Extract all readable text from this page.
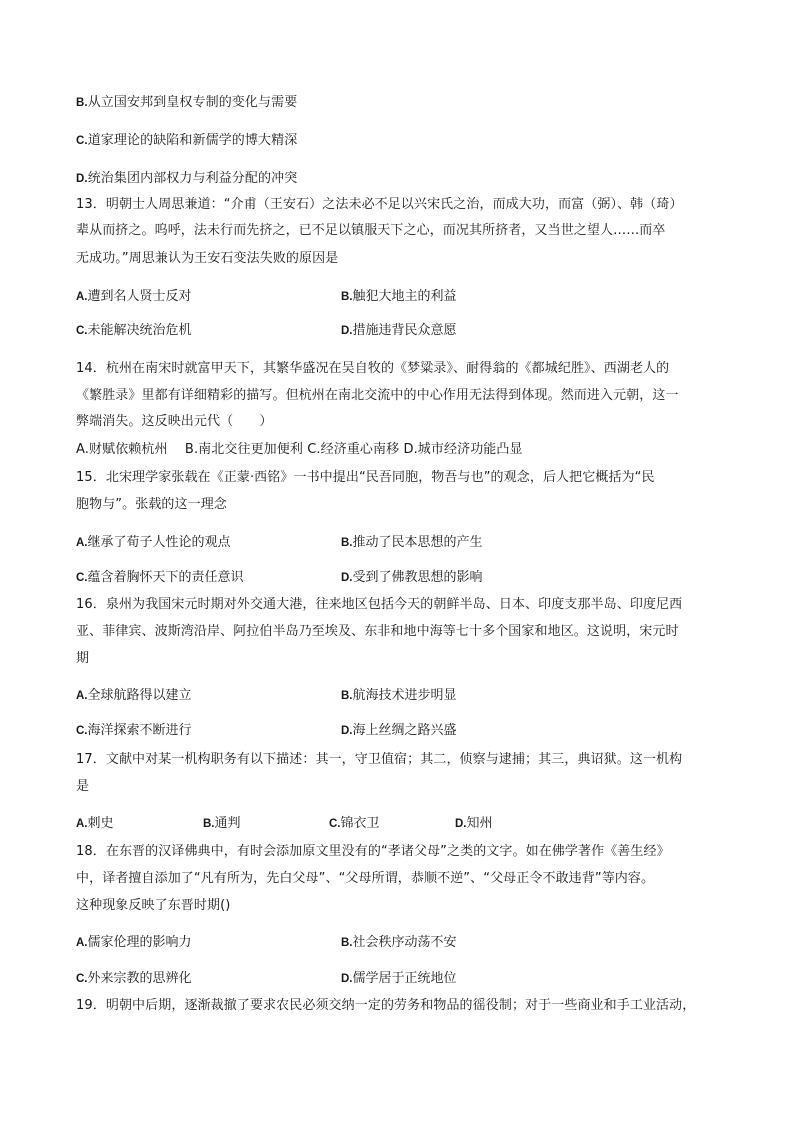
B.从立国安邦到皇权专制的变化与需要
C.道家理论的缺陷和新儒学的博大精深
D.统治集团内部权力与利益分配的冲突
13．明朝士人周思兼道：“介甫（王安石）之法未必不足以兴宋氏之治，而成大功，而富（弼）、韩（琦）
辈从而挤之。呜呼，法未行而先挤之，已不足以镇服天下之心，而况其所挤者，又当世之望人……而卒
无成功。”周思兼认为王安石变法失败的原因是
A.遭到名人贤士反对	B.触犯大地主的利益
C.未能解决统治危机	D.措施违背民众意愿
14．杭州在南宋时就富甲天下，其繁华盛况在吴自牧的《梦粱录》、耐得翁的《都城纪胜》、西湖老人的
《繁胜录》里都有详细精彩的描写。但杭州在南北交流中的中心作用无法得到体现。然而进入元朝，这一
弊端消失。这反映出元代（　　）
A.财赋依赖杭州　 B.南北交往更加便利 C.经济重心南移 D.城市经济功能凸显
15．北宋理学家张载在《正蒙·西铭》一书中提出“民吾同胞，物吾与也”的观念，后人把它概括为“民
胞物与”。张载的这一理念
A.继承了荀子人性论的观点	B.推动了民本思想的产生
C.蕴含着胸怀天下的责任意识	D.受到了佛教思想的影响
16．泉州为我国宋元时期对外交通大港，往来地区包括今天的朝鲜半岛、日本、印度支那半岛、印度尼西
亚、菲律宾、波斯湾沿岸、阿拉伯半岛乃至埃及、东非和地中海等七十多个国家和地区。这说明，宋元时
期
A.全球航路得以建立	B.航海技术进步明显
C.海洋探索不断进行	D.海上丝绸之路兴盛
17．文献中对某一机构职务有以下描述：其一，守卫值宿；其二，侦察与逮捕；其三，典诏狱。这一机构
是
A.刺史	B.通判	C.锦衣卫	D.知州
18．在东晋的汉译佛典中，有时会添加原文里没有的“孝诸父母”之类的文字。如在佛学著作《善生经》
中，译者擅自添加了“凡有所为，先白父母”、“父母所谓，恭顺不逆”、“父母正令不敢违背”等内容。
这种现象反映了东晋时期()
A.儒家伦理的影响力	B.社会秩序动荡不安
C.外来宗教的思辨化	D.儒学居于正统地位
19．明朝中后期，逐渐裁撤了要求农民必须交纳一定的劳务和物品的徭役制；对于一些商业和手工业活动，
